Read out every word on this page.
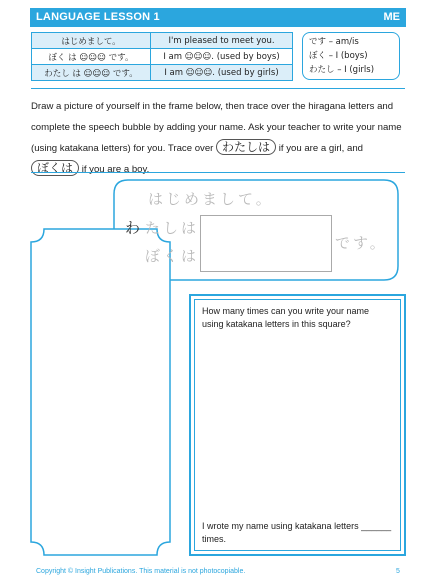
LANGUAGE LESSON 1	ME
はじめまして。	I'm pleased to meet you.
ぼく は ☺☺☺ です。	I am ☺☺☺. (used by boys)
わたし は ☺☺☺ です。	I am ☺☺☺. (used by girls)
です – am/is
ぼく – I (boys)
わたし – I (girls)
Draw a picture of yourself in the frame below, then trace over the hiragana letters and complete the speech bubble by adding your name. Ask your teacher to write your name (using katakana letters) for you. Trace over わたしは if you are a girl, and ぼくは if you are a boy.
はじめまして。
わ たしは
ぼくは
です。
How many times can you write your name using katakana letters in this square?
I wrote my name using katakana letters ______ times.
Copyright © Insight Publications. This material is not photocopiable.	5
